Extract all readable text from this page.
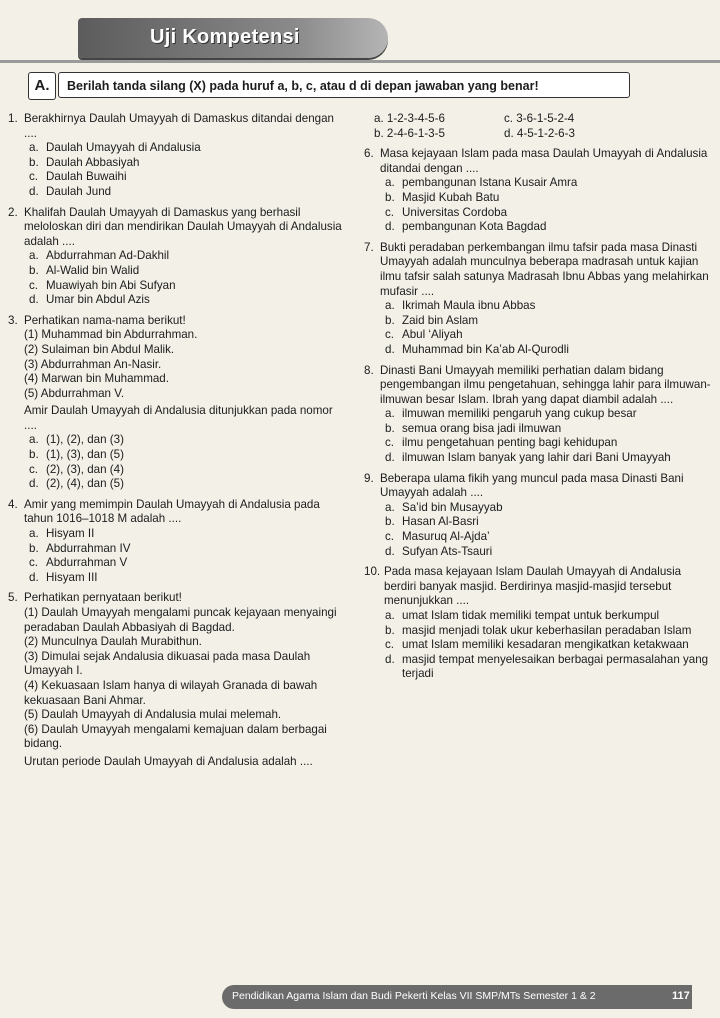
Uji Kompetensi
A.	Berilah tanda silang (X) pada huruf a, b, c, atau d di depan jawaban yang benar!
1. Berakhirnya Daulah Umayyah di Damaskus ditandai dengan ....
a. Daulah Umayyah di Andalusia
b. Daulah Abbasiyah
c. Daulah Buwaihi
d. Daulah Jund
2. Khalifah Daulah Umayyah di Damaskus yang berhasil meloloskan diri dan mendirikan Daulah Umayyah di Andalusia adalah ....
a. Abdurrahman Ad-Dakhil
b. Al-Walid bin Walid
c. Muawiyah bin Abi Sufyan
d. Umar bin Abdul Azis
3. Perhatikan nama-nama berikut!
(1) Muhammad bin Abdurrahman.
(2) Sulaiman bin Abdul Malik.
(3) Abdurrahman An-Nasir.
(4) Marwan bin Muhammad.
(5) Abdurrahman V.
Amir Daulah Umayyah di Andalusia ditunjukkan pada nomor ....
a. (1), (2), dan (3)
b. (1), (3), dan (5)
c. (2), (3), dan (4)
d. (2), (4), dan (5)
4. Amir yang memimpin Daulah Umayyah di Andalusia pada tahun 1016–1018 M adalah ....
a. Hisyam II
b. Abdurrahman IV
c. Abdurrahman V
d. Hisyam III
5. Perhatikan pernyataan berikut!
(1) Daulah Umayyah mengalami puncak kejayaan menyaingi peradaban Daulah Abbasiyah di Bagdad.
(2) Munculnya Daulah Murabithun.
(3) Dimulai sejak Andalusia dikuasai pada masa Daulah Umayyah I.
(4) Kekuasaan Islam hanya di wilayah Granada di bawah kekuasaan Bani Ahmar.
(5) Daulah Umayyah di Andalusia mulai melemah.
(6) Daulah Umayyah mengalami kemajuan dalam berbagai bidang.
Urutan periode Daulah Umayyah di Andalusia adalah ....
a. 1-2-3-4-5-6	c. 3-6-1-5-2-4
b. 2-4-6-1-3-5	d. 4-5-1-2-6-3
6. Masa kejayaan Islam pada masa Daulah Umayyah di Andalusia ditandai dengan ....
a. pembangunan Istana Kusair Amra
b. Masjid Kubah Batu
c. Universitas Cordoba
d. pembangunan Kota Bagdad
7. Bukti peradaban perkembangan ilmu tafsir pada masa Dinasti Umayyah adalah munculnya beberapa madrasah untuk kajian ilmu tafsir salah satunya Madrasah Ibnu Abbas yang melahirkan mufasir ....
a. Ikrimah Maula ibnu Abbas
b. Zaid bin Aslam
c. Abul ‘Aliyah
d. Muhammad bin Ka’ab Al-Qurodli
8. Dinasti Bani Umayyah memiliki perhatian dalam bidang pengembangan ilmu pengetahuan, sehingga lahir para ilmuwan-ilmuwan besar Islam. Ibrah yang dapat diambil adalah ....
a. ilmuwan memiliki pengaruh yang cukup besar
b. semua orang bisa jadi ilmuwan
c. ilmu pengetahuan penting bagi kehidupan
d. ilmuwan Islam banyak yang lahir dari Bani Umayyah
9. Beberapa ulama fikih yang muncul pada masa Dinasti Bani Umayyah adalah ....
a. Sa’id bin Musayyab
b. Hasan Al-Basri
c. Masuruq Al-Ajda’
d. Sufyan Ats-Tsauri
10. Pada masa kejayaan Islam Daulah Umayyah di Andalusia berdiri banyak masjid. Berdirinya masjid-masjid tersebut menunjukkan ....
a. umat Islam tidak memiliki tempat untuk berkumpul
b. masjid menjadi tolak ukur keberhasilan peradaban Islam
c. umat Islam memiliki kesadaran mengikatkan ketakwaan
d. masjid tempat menyelesaikan berbagai permasalahan yang terjadi
Pendidikan Agama Islam dan Budi Pekerti Kelas VII SMP/MTs Semester 1 & 2	117
